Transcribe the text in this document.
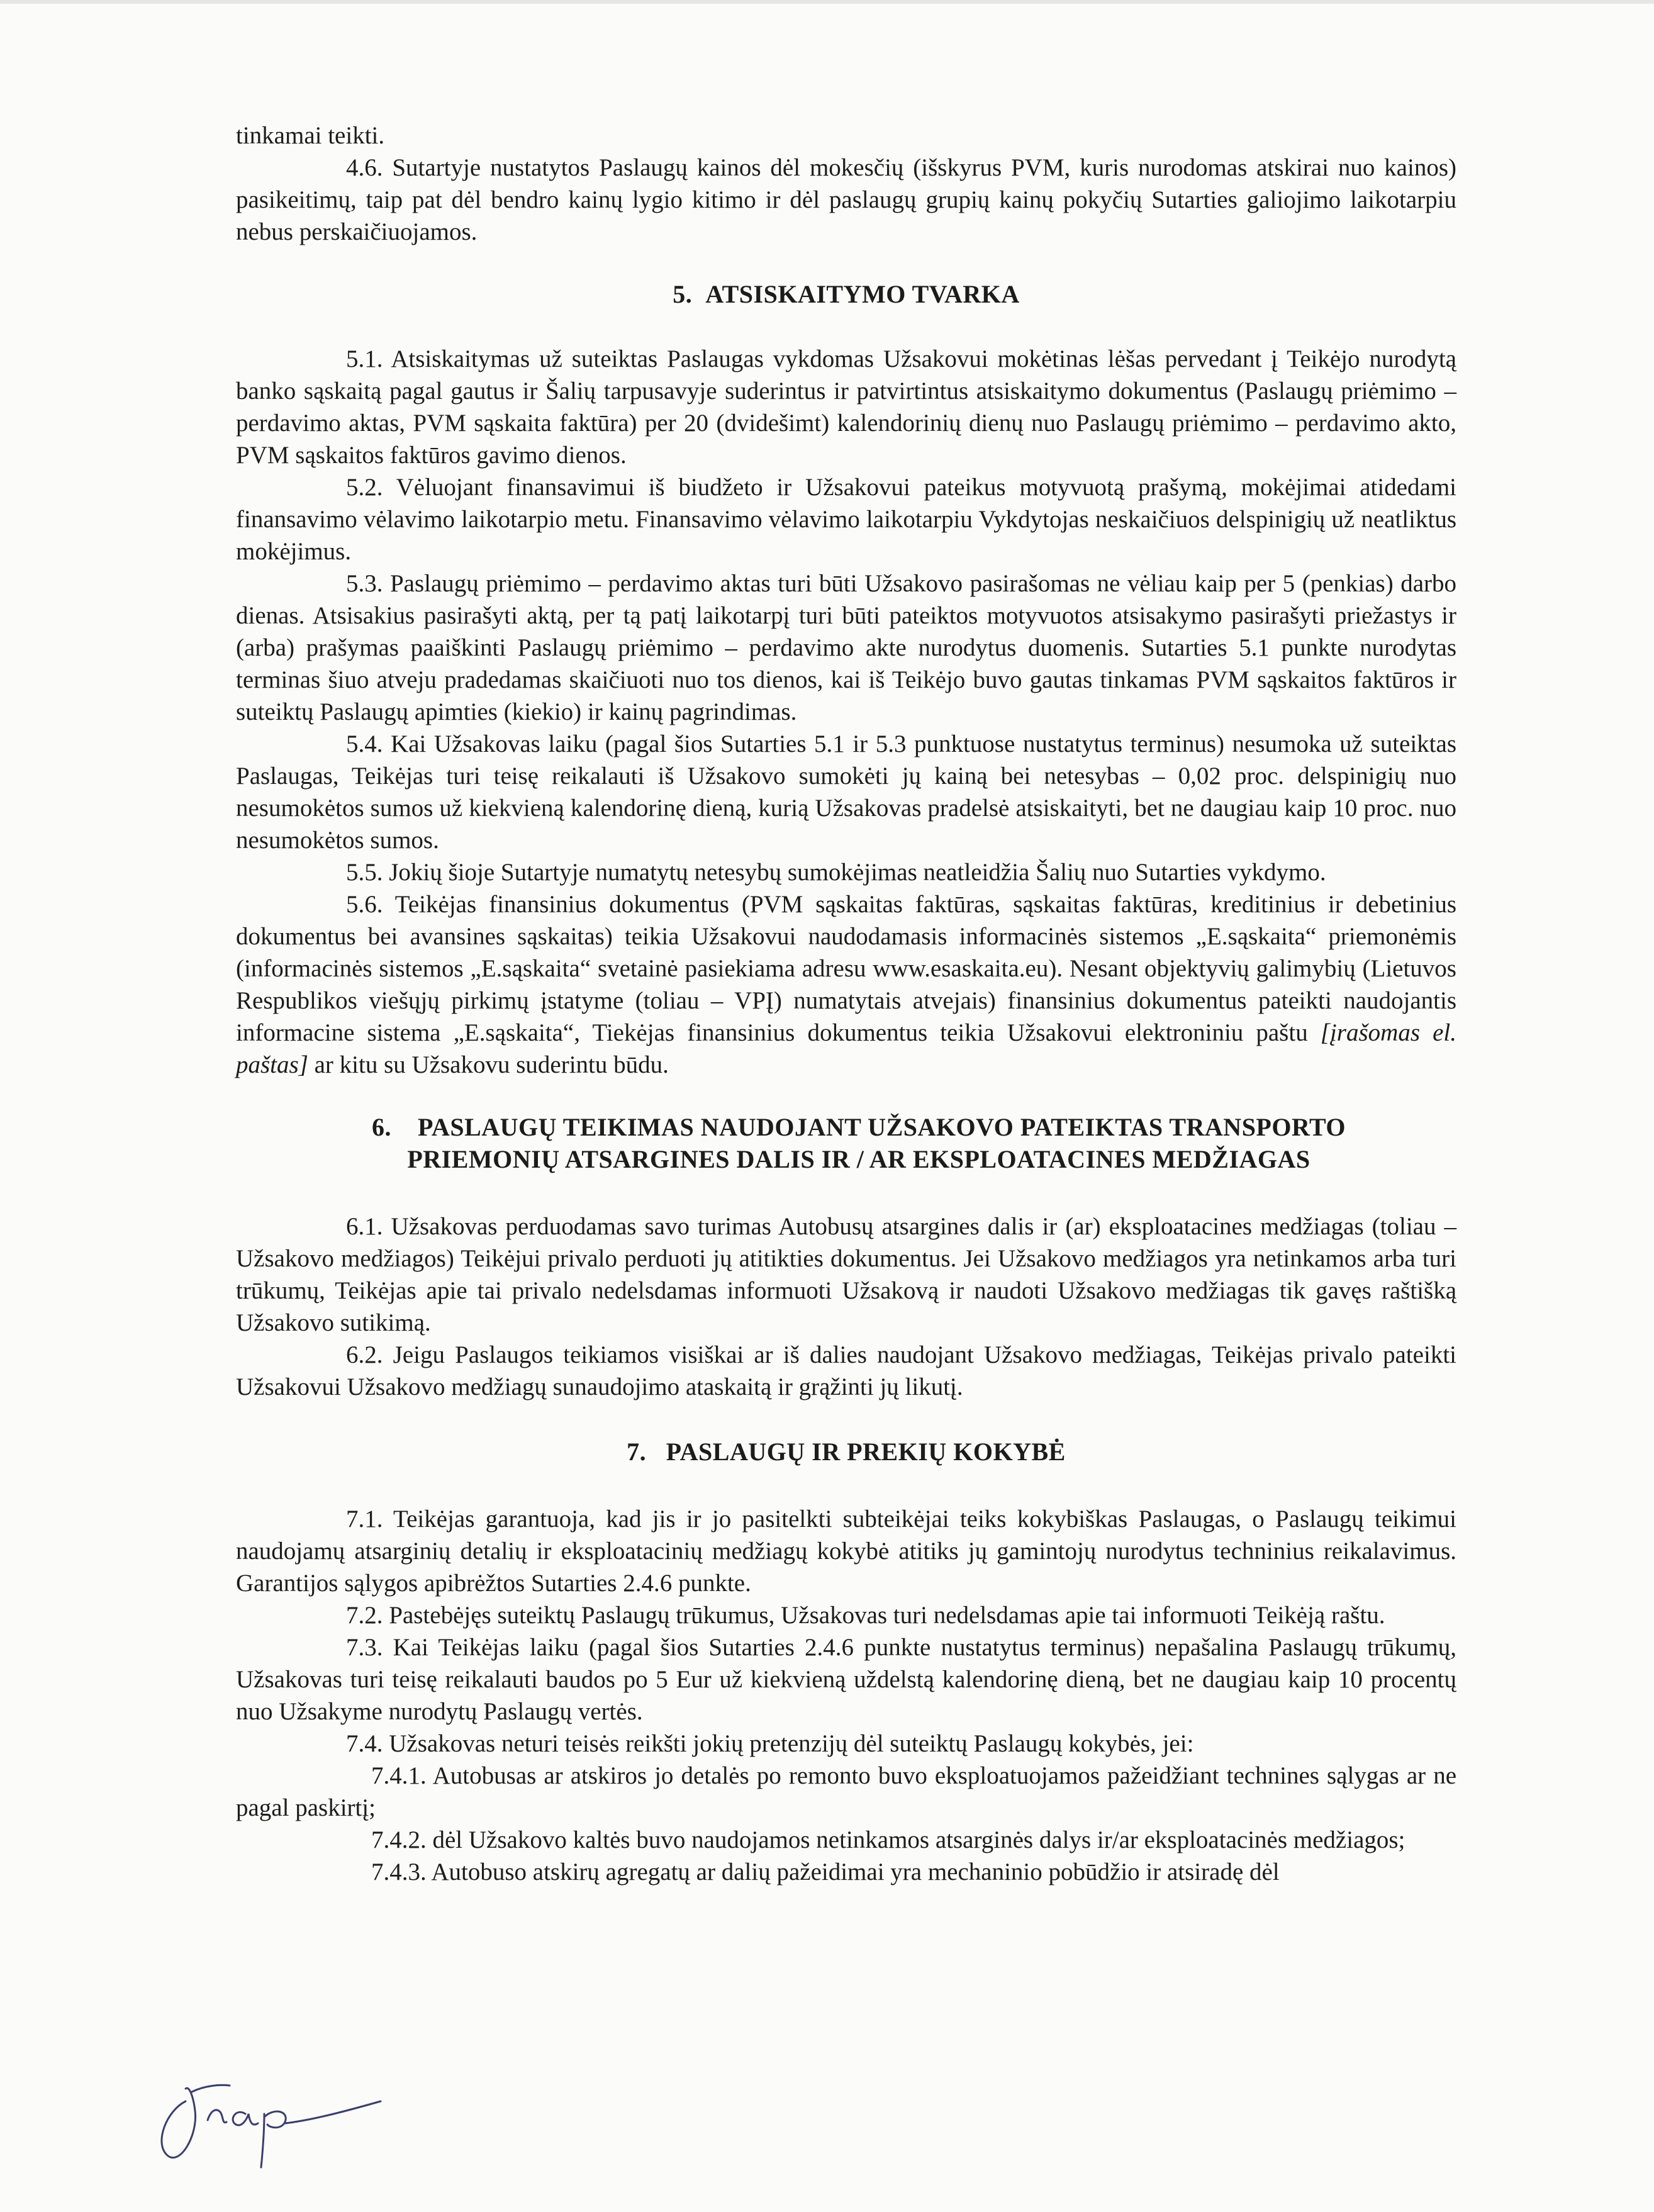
tinkamai teikti.

4.6. Sutartyje nustatytos Paslaugų kainos dėl mokesčių (išskyrus PVM, kuris nurodomas atskirai nuo kainos) pasikeitimų, taip pat dėl bendro kainų lygio kitimo ir dėl paslaugų grupių kainų pokyčių Sutarties galiojimo laikotarpiu nebus perskaičiuojamos.

5.  ATSISKAITYMO TVARKA

5.1. Atsiskaitymas už suteiktas Paslaugas vykdomas Užsakovui mokėtinas lėšas pervedant į Teikėjo nurodytą banko sąskaitą pagal gautus ir Šalių tarpusavyje suderintus ir patvirtintus atsiskaitymo dokumentus (Paslaugų priėmimo – perdavimo aktas, PVM sąskaita faktūra) per 20 (dvidešimt) kalendorinių dienų nuo Paslaugų priėmimo – perdavimo akto, PVM sąskaitos faktūros gavimo dienos.

5.2. Vėluojant finansavimui iš biudžeto ir Užsakovui pateikus motyvuotą prašymą, mokėjimai atidedami finansavimo vėlavimo laikotarpio metu. Finansavimo vėlavimo laikotarpiu Vykdytojas neskaičiuos delspinigių už neatliktus mokėjimus.

5.3. Paslaugų priėmimo – perdavimo aktas turi būti Užsakovo pasirašomas ne vėliau kaip per 5 (penkias) darbo dienas. Atsisakius pasirašyti aktą, per tą patį laikotarpį turi būti pateiktos motyvuotos atsisakymo pasirašyti priežastys ir (arba) prašymas paaiškinti Paslaugų priėmimo – perdavimo akte nurodytus duomenis. Sutarties 5.1 punkte nurodytas terminas šiuo atveju pradedamas skaičiuoti nuo tos dienos, kai iš Teikėjo buvo gautas tinkamas PVM sąskaitos faktūros ir suteiktų Paslaugų apimties (kiekio) ir kainų pagrindimas.

5.4. Kai Užsakovas laiku (pagal šios Sutarties 5.1 ir 5.3 punktuose nustatytus terminus) nesumoka už suteiktas Paslaugas, Teikėjas turi teisę reikalauti iš Užsakovo sumokėti jų kainą bei netesybas – 0,02 proc. delspinigių nuo nesumokėtos sumos už kiekvieną kalendorinę dieną, kurią Užsakovas pradelsė atsiskaityti, bet ne daugiau kaip 10 proc. nuo nesumokėtos sumos.

5.5. Jokių šioje Sutartyje numatytų netesybų sumokėjimas neatleidžia Šalių nuo Sutarties vykdymo.

5.6. Teikėjas finansinius dokumentus (PVM sąskaitas faktūras, sąskaitas faktūras, kreditinius ir debetinius dokumentus bei avansines sąskaitas) teikia Užsakovui naudodamasis informacinės sistemos „E.sąskaita“ priemonėmis (informacinės sistemos „E.sąskaita“ svetainė pasiekiama adresu www.esaskaita.eu). Nesant objektyvių galimybių (Lietuvos Respublikos viešųjų pirkimų įstatyme (toliau – VPĮ) numatytais atvejais) finansinius dokumentus pateikti naudojantis informacine sistema „E.sąskaita“, Tiekėjas finansinius dokumentus teikia Užsakovui elektroniniu paštu [įrašomas el. paštas] ar kitu su Užsakovu suderintu būdu.

6.    PASLAUGŲ TEIKIMAS NAUDOJANT UŽSAKOVO PATEIKTAS TRANSPORTO
PRIEMONIŲ ATSARGINES DALIS IR / AR EKSPLOATACINES MEDŽIAGAS

6.1. Užsakovas perduodamas savo turimas Autobusų atsargines dalis ir (ar) eksploatacines medžiagas (toliau – Užsakovo medžiagos) Teikėjui privalo perduoti jų atitikties dokumentus. Jei Užsakovo medžiagos yra netinkamos arba turi trūkumų, Teikėjas apie tai privalo nedelsdamas informuoti Užsakovą ir naudoti Užsakovo medžiagas tik gavęs raštišką Užsakovo sutikimą.

6.2. Jeigu Paslaugos teikiamos visiškai ar iš dalies naudojant Užsakovo medžiagas, Teikėjas privalo pateikti Užsakovui Užsakovo medžiagų sunaudojimo ataskaitą ir grąžinti jų likutį.

7.   PASLAUGŲ IR PREKIŲ KOKYBĖ

7.1. Teikėjas garantuoja, kad jis ir jo pasitelkti subteikėjai teiks kokybiškas Paslaugas, o Paslaugų teikimui naudojamų atsarginių detalių ir eksploatacinių medžiagų kokybė atitiks jų gamintojų nurodytus techninius reikalavimus. Garantijos sąlygos apibrėžtos Sutarties 2.4.6 punkte.

7.2. Pastebėjęs suteiktų Paslaugų trūkumus, Užsakovas turi nedelsdamas apie tai informuoti Teikėją raštu.

7.3. Kai Teikėjas laiku (pagal šios Sutarties 2.4.6 punkte nustatytus terminus) nepašalina Paslaugų trūkumų, Užsakovas turi teisę reikalauti baudos po 5 Eur už kiekvieną uždelstą kalendorinę dieną, bet ne daugiau kaip 10 procentų nuo Užsakyme nurodytų Paslaugų vertės.

7.4. Užsakovas neturi teisės reikšti jokių pretenzijų dėl suteiktų Paslaugų kokybės, jei:

7.4.1. Autobusas ar atskiros jo detalės po remonto buvo eksploatuojamos pažeidžiant technines sąlygas ar ne pagal paskirtį;

7.4.2. dėl Užsakovo kaltės buvo naudojamos netinkamos atsarginės dalys ir/ar eksploatacinės medžiagos;

7.4.3. Autobuso atskirų agregatų ar dalių pažeidimai yra mechaninio pobūdžio ir atsiradę dėl
